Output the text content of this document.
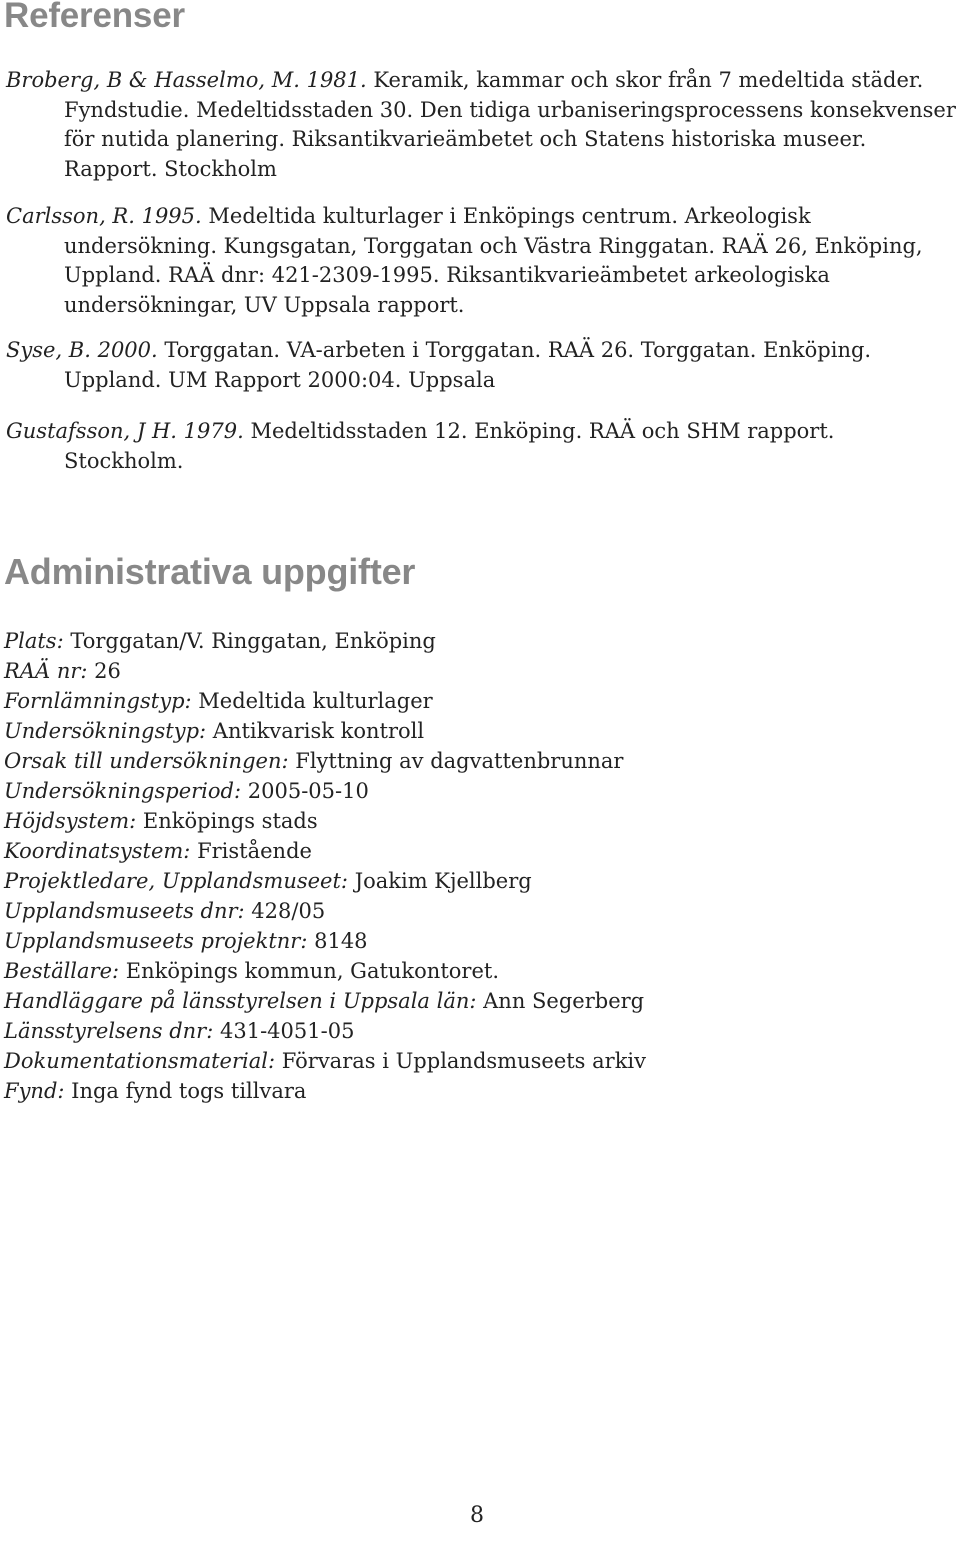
Referenser

Broberg, B & Hasselmo, M. 1981. Keramik, kammar och skor från 7 medeltida städer. Fyndstudie. Medeltidsstaden 30. Den tidiga urbaniseringsprocessens konsekvenser för nutida planering. Riksantikvarieämbetet och Statens historiska museer. Rapport. Stockholm

Carlsson, R. 1995. Medeltida kulturlager i Enköpings centrum. Arkeologisk undersökning. Kungsgatan, Torggatan och Västra Ringgatan. RAÄ 26, Enköping, Uppland. RAÄ dnr: 421-2309-1995. Riksantikvarieämbetet arkeologiska undersökningar, UV Uppsala rapport.

Syse, B. 2000. Torggatan. VA-arbeten i Torggatan. RAÄ 26. Torggatan. Enköping. Uppland. UM Rapport 2000:04. Uppsala

Gustafsson, J H. 1979. Medeltidsstaden 12. Enköping. RAÄ och SHM rapport. Stockholm.

Administrativa uppgifter
Plats: Torggatan/V. Ringgatan, Enköping
RAÄ nr: 26
Fornlämningstyp: Medeltida kulturlager
Undersökningstyp: Antikvarisk kontroll
Orsak till undersökningen: Flyttning av dagvattenbrunnar
Undersökningsperiod: 2005-05-10
Höjdsystem: Enköpings stads
Koordinatsystem: Fristående
Projektledare, Upplandsmuseet: Joakim Kjellberg
Upplandsmuseets dnr: 428/05
Upplandsmuseets projektnr: 8148
Beställare: Enköpings kommun, Gatukontoret.
Handläggare på länsstyrelsen i Uppsala län: Ann Segerberg
Länsstyrelsens dnr: 431-4051-05
Dokumentationsmaterial: Förvaras i Upplandsmuseets arkiv
Fynd: Inga fynd togs tillvara
8
